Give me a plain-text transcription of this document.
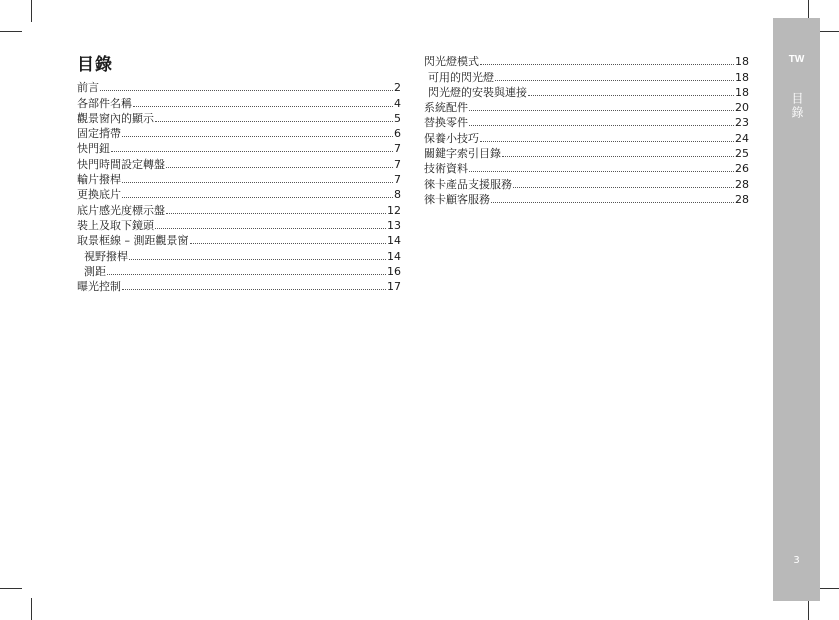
目錄
前言	2
各部件名稱	4
觀景窗內的顯示	5
固定揹帶	6
快門鈕	7
快門時間設定轉盤	7
輸片撥桿	7
更換底片	8
底片感光度標示盤	12
裝上及取下鏡頭	13
取景框線 – 測距觀景窗	14
視野撥桿	14
測距	16
曝光控制	17
閃光燈模式	18
可用的閃光燈	18
閃光燈的安裝與連接	18
系統配件	20
替換零件	23
保養小技巧	24
關鍵字索引目錄	25
技術資料	26
徠卡產品支援服務	28
徠卡顧客服務	28
TW
目錄
3
